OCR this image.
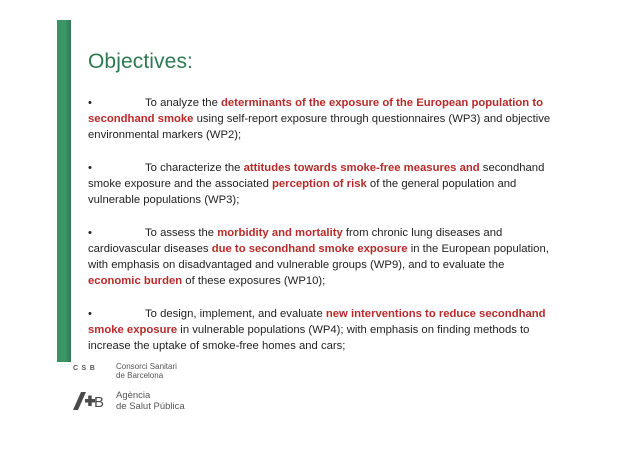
Objectives:
•	To analyze the determinants of the exposure of the European population to secondhand smoke using self-report exposure through questionnaires (WP3) and objective environmental markers (WP2);
•	To characterize the attitudes towards smoke-free measures and secondhand smoke exposure and the associated perception of risk of the general population and vulnerable populations (WP3);
•	To assess the morbidity and mortality from chronic lung diseases and cardiovascular diseases due to secondhand smoke exposure in the European population, with emphasis on disadvantaged and vulnerable groups (WP9), and to evaluate the economic burden of these exposures (WP10);
•	To design, implement, and evaluate new interventions to reduce secondhand smoke exposure in vulnerable populations (WP4); with emphasis on finding methods to increase the uptake of smoke-free homes and cars;
CSB	Consorci Sanitari
de Barcelona
B Agència
de Salut Pública
